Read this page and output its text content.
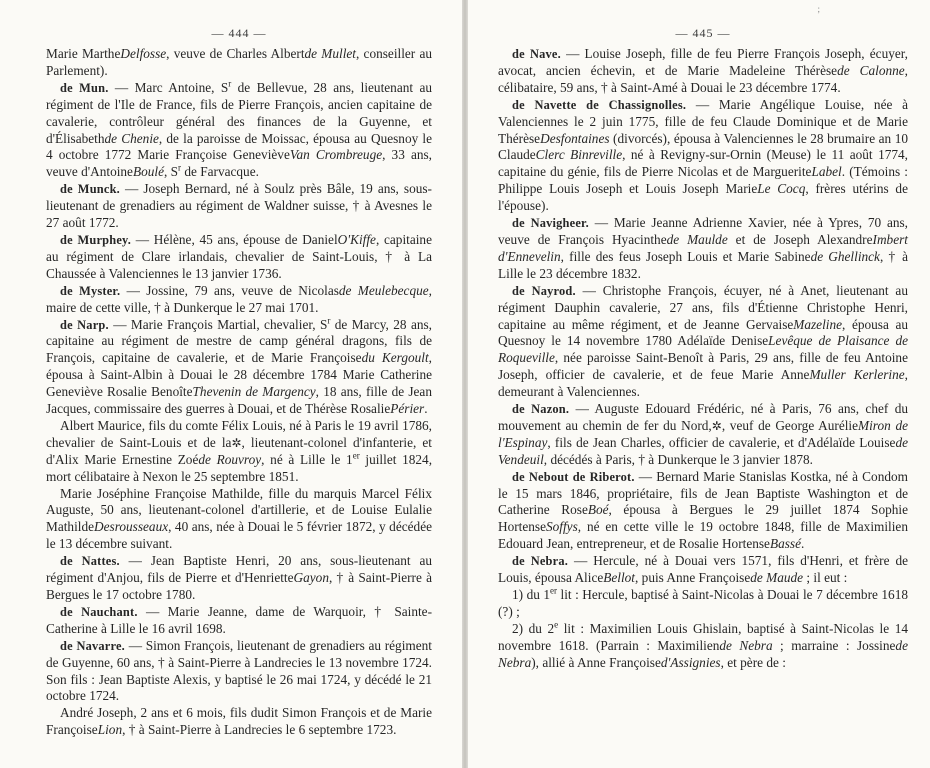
— 444 —

Marie MartheDelfosse, veuve de Charles Albertde Mullet, conseiller au Parlement).

de Mun. — Marc Antoine, $S^r$ de Bellevue, 28 ans, lieutenant au régiment de l'Ile de France, fils de Pierre François, ancien capitaine de cavalerie, contrôleur général des finances de la Guyenne, et d'Élisabethde Chenie, de la paroisse de Moissac, épousa au Quesnoy le 4 octobre 1772 Marie Françoise GenevièveVan Crombreuge, 33 ans, veuve d'AntoineBoulé, $S^r$ de Farvacque.

de Munck. — Joseph Bernard, né à Soulz près Bâle, 19 ans, sous-lieutenant de grenadiers au régiment de Waldner suisse, † à Avesnes le 27 août 1772.

de Murphey. — Hélène, 45 ans, épouse de DanielO'Kiffe, capitaine au régiment de Clare irlandais, chevalier de Saint-Louis, † à La Chaussée à Valenciennes le 13 janvier 1736.

de Myster. — Jossine, 79 ans, veuve de Nicolasde Meulebecque, maire de cette ville, † à Dunkerque le 27 mai 1701.

de Narp. — Marie François Martial, chevalier, $S^r$ de Marcy, 28 ans, capitaine au régiment de mestre de camp général dragons, fils de François, capitaine de cavalerie, et de Marie Françoisedu Kergoult, épousa à Saint-Albin à Douai le 28 décembre 1784 Marie Catherine Geneviève Rosalie BenoîteThevenin de Margency, 18 ans, fille de Jean Jacques, commissaire des guerres à Douai, et de Thérèse RosaliePérier.

Albert Maurice, fils du comte Félix Louis, né à Paris le 19 avril 1786, chevalier de Saint-Louis et de la✲, lieutenant-colonel d'infanterie, et d'Alix Marie Ernestine Zoéde Rouvroy, né à Lille le 1er juillet 1824, mort célibataire à Nexon le 25 septembre 1851.

Marie Joséphine Françoise Mathilde, fille du marquis Marcel Félix Auguste, 50 ans, lieutenant-colonel d'artillerie, et de Louise Eulalie MathildeDesrousseaux, 40 ans, née à Douai le 5 février 1872, y décédée le 13 décembre suivant.

de Nattes. — Jean Baptiste Henri, 20 ans, sous-lieutenant au régiment d'Anjou, fils de Pierre et d'HenrietteGayon, † à Saint-Pierre à Bergues le 17 octobre 1780.

de Nauchant. — Marie Jeanne, dame de Warquoir, † Sainte-Catherine à Lille le 16 avril 1698.

de Navarre. — Simon François, lieutenant de grenadiers au régiment de Guyenne, 60 ans, † à Saint-Pierre à Landrecies le 13 novembre 1724. Son fils : Jean Baptiste Alexis, y baptisé le 26 mai 1724, y décédé le 21 octobre 1724.

André Joseph, 2 ans et 6 mois, fils dudit Simon François et de Marie FrançoiseLion, † à Saint-Pierre à Landrecies le 6 septembre 1723.

;
— 445 —

de Nave. — Louise Joseph, fille de feu Pierre François Joseph, écuyer, avocat, ancien échevin, et de Marie Madeleine Thérèsede Calonne, célibataire, 59 ans, † à Saint-Amé à Douai le 23 décembre 1774.

de Navette de Chassignolles. — Marie Angélique Louise, née à Valenciennes le 2 juin 1775, fille de feu Claude Dominique et de Marie ThérèseDesfontaines (divorcés), épousa à Valenciennes le 28 brumaire an 10 ClaudeClerc Binreville, né à Revigny-sur-Ornin (Meuse) le 11 août 1774, capitaine du génie, fils de Pierre Nicolas et de MargueriteLabel. (Témoins : Philippe Louis Joseph et Louis Joseph MarieLe Cocq, frères utérins de l'épouse).

de Navigheer. — Marie Jeanne Adrienne Xavier, née à Ypres, 70 ans, veuve de François Hyacinthede Maulde et de Joseph AlexandreImbert d'Ennevelin, fille des feus Joseph Louis et Marie Sabinede Ghellinck, † à Lille le 23 décembre 1832.

de Nayrod. — Christophe François, écuyer, né à Anet, lieutenant au régiment Dauphin cavalerie, 27 ans, fils d'Étienne Christophe Henri, capitaine au même régiment, et de Jeanne GervaiseMazeline, épousa au Quesnoy le 14 novembre 1780 Adélaïde DeniseLevêque de Plaisance de Roqueville, née paroisse Saint-Benoît à Paris, 29 ans, fille de feu Antoine Joseph, officier de cavalerie, et de feue Marie AnneMuller Kerlerine, demeurant à Valenciennes.

de Nazon. — Auguste Edouard Frédéric, né à Paris, 76 ans, chef du mouvement au chemin de fer du Nord,✲, veuf de George AurélieMiron de l'Espinay, fils de Jean Charles, officier de cavalerie, et d'Adélaïde Louisede Vendeuil, décédés à Paris, † à Dunkerque le 3 janvier 1878.

de Nebout de Riberot. — Bernard Marie Stanislas Kostka, né à Condom le 15 mars 1846, propriétaire, fils de Jean Baptiste Washington et de Catherine RoseBoé, épousa à Bergues le 29 juillet 1874 Sophie HortenseSoffys, né en cette ville le 19 octobre 1848, fille de Maximilien Edouard Jean, entrepreneur, et de Rosalie HortenseBassé.

de Nebra. — Hercule, né à Douai vers 1571, fils d'Henri, et frère de Louis, épousa AliceBellot, puis Anne Françoisede Maude ; il eut :

1) du 1er lit : Hercule, baptisé à Saint-Nicolas à Douai le 7 décembre 1618 (?) ;

2) du 2e lit : Maximilien Louis Ghislain, baptisé à Saint-Nicolas le 14 novembre 1618. (Parrain : Maximiliende Nebra ; marraine : Jossinede Nebra), allié à Anne Françoised'Assignies, et père de :
